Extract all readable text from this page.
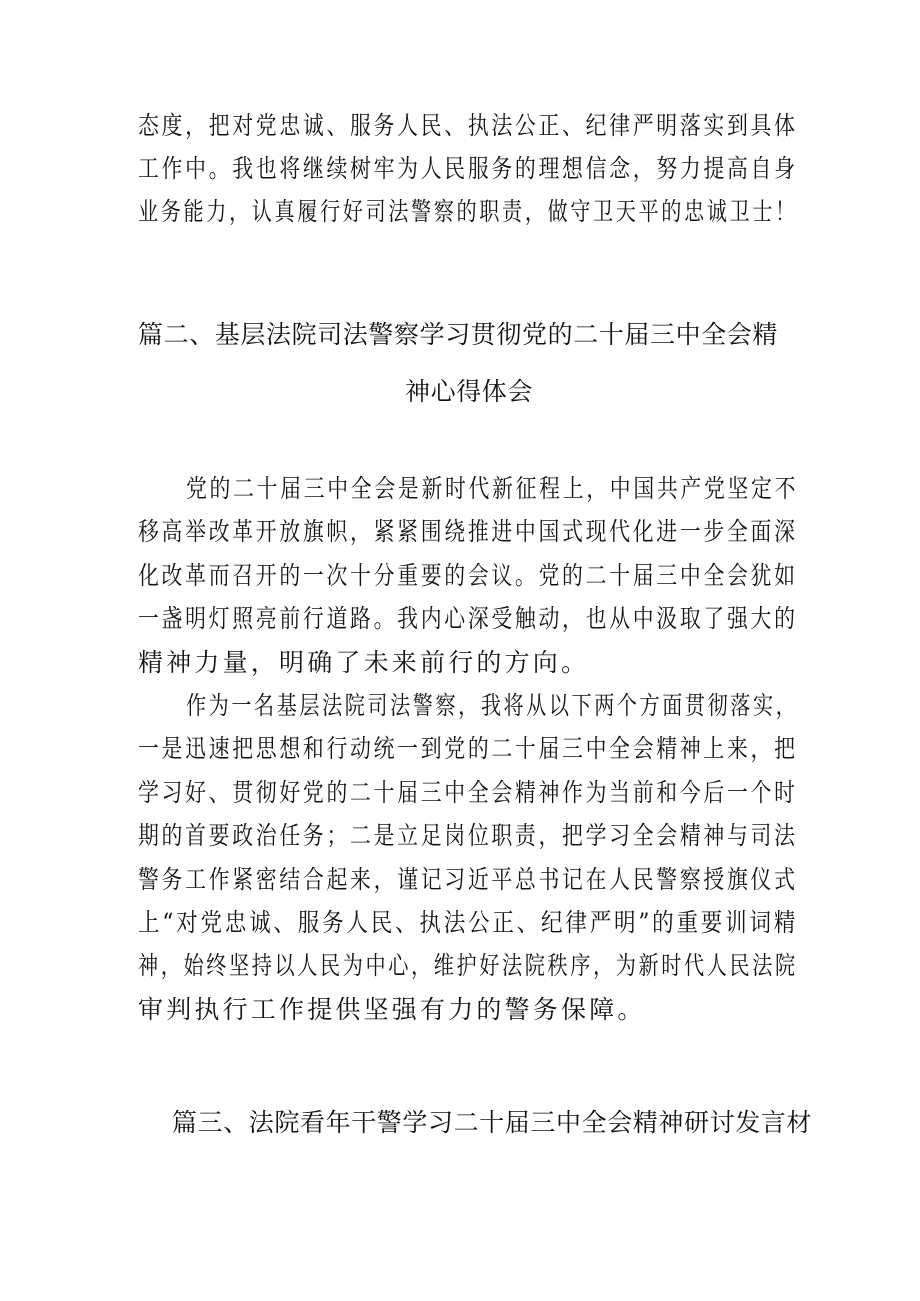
态度，把对党忠诚、服务人民、执法公正、纪律严明落实到具体
工作中。我也将继续树牢为人民服务的理想信念，努力提高自身
业务能力，认真履行好司法警察的职责，做守卫天平的忠诚卫士！
篇二、基层法院司法警察学习贯彻党的二十届三中全会精
神心得体会
党的二十届三中全会是新时代新征程上，中国共产党坚定不
移高举改革开放旗帜，紧紧围绕推进中国式现代化进一步全面深
化改革而召开的一次十分重要的会议。党的二十届三中全会犹如
一盏明灯照亮前行道路。我内心深受触动，也从中汲取了强大的
精神力量，明确了未来前行的方向。
作为一名基层法院司法警察，我将从以下两个方面贯彻落实，
一是迅速把思想和行动统一到党的二十届三中全会精神上来，把
学习好、贯彻好党的二十届三中全会精神作为当前和今后一个时
期的首要政治任务；二是立足岗位职责，把学习全会精神与司法
警务工作紧密结合起来，谨记习近平总书记在人民警察授旗仪式
上“对党忠诚、服务人民、执法公正、纪律严明”的重要训词精
神，始终坚持以人民为中心，维护好法院秩序，为新时代人民法院
审判执行工作提供坚强有力的警务保障。
篇三、法院看年干警学习二十届三中全会精神研讨发言材
